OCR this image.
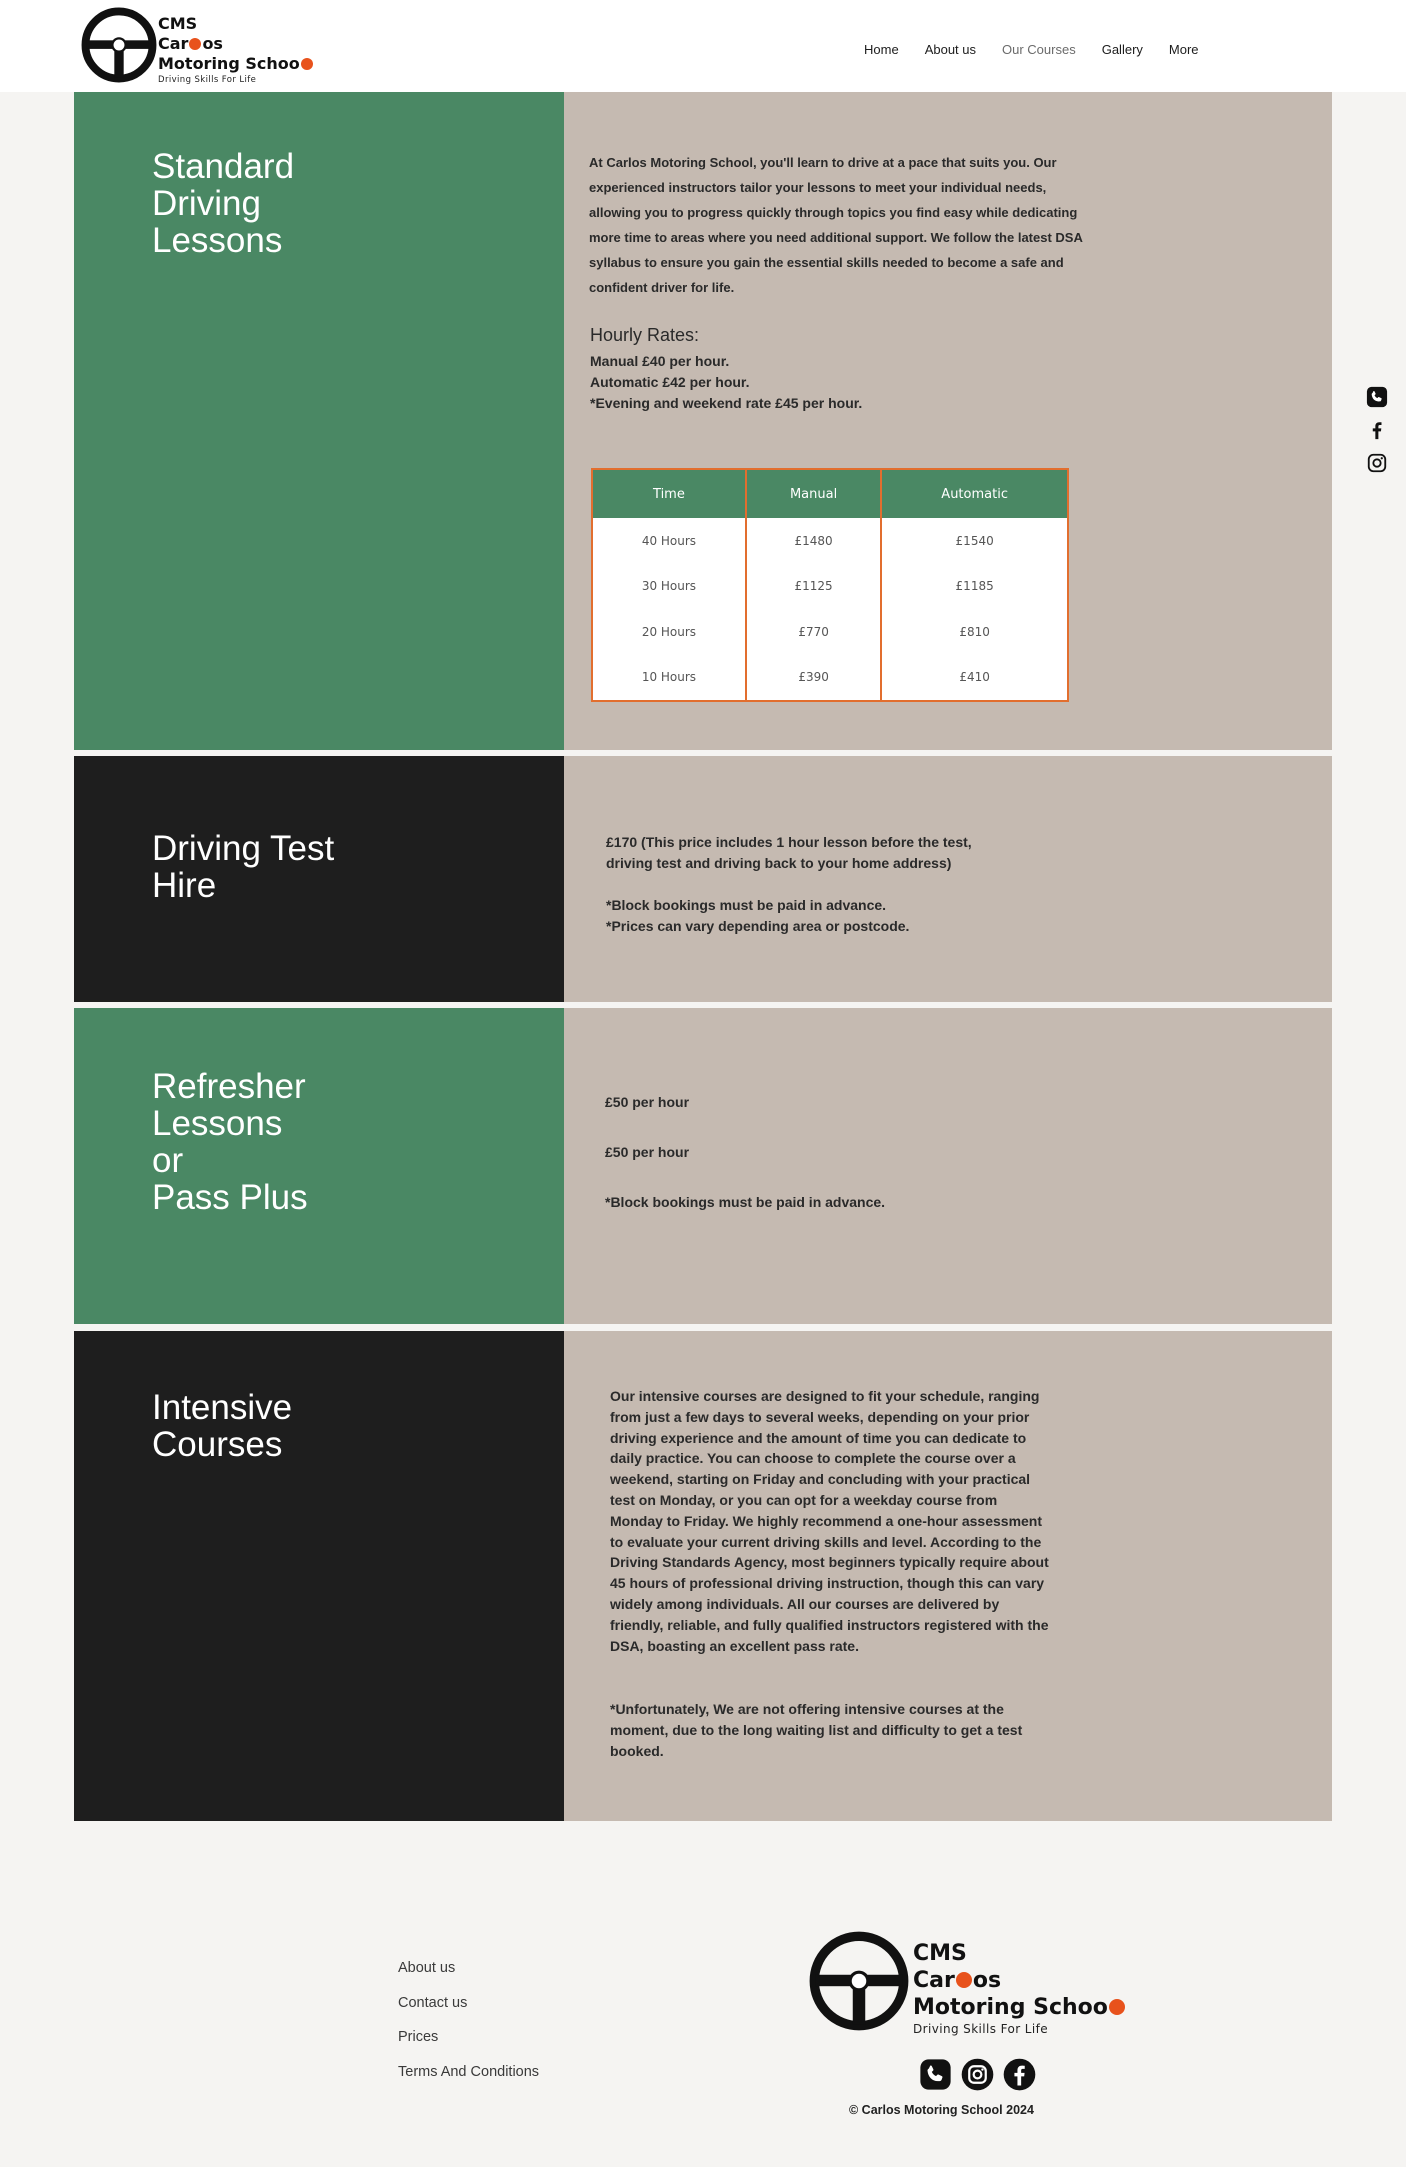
CMS
Car os
Motoring Schoo
Driving Skills For Life
Home About us Our Courses Gallery More
Standard
Driving
Lessons
At Carlos Motoring School, you'll learn to drive at a pace that suits you. Our experienced instructors tailor your lessons to meet your individual needs, allowing you to progress quickly through topics you find easy while dedicating more time to areas where you need additional support. We follow the latest DSA syllabus to ensure you gain the essential skills needed to become a safe and confident driver for life.
Hourly Rates:
Manual £40 per hour.
Automatic £42 per hour.
*Evening and weekend rate £45 per hour.
Time	Manual	Automatic
40 Hours	£1480	£1540
30 Hours	£1125	£1185
20 Hours	£770	£810
10 Hours	£390	£410
Driving Test
Hire
£170 (This price includes 1 hour lesson before the test,
driving test and driving back to your home address)

*Block bookings must be paid in advance.
*Prices can vary depending area or postcode.
Refresher
Lessons
or
Pass Plus
£50 per hour
£50 per hour
*Block bookings must be paid in advance.
Intensive
Courses
Our intensive courses are designed to fit your schedule, ranging from just a few days to several weeks, depending on your prior driving experience and the amount of time you can dedicate to daily practice. You can choose to complete the course over a weekend, starting on Friday and concluding with your practical test on Monday, or you can opt for a weekday course from Monday to Friday. We highly recommend a one-hour assessment to evaluate your current driving skills and level. According to the Driving Standards Agency, most beginners typically require about 45 hours of professional driving instruction, though this can vary widely among individuals. All our courses are delivered by friendly, reliable, and fully qualified instructors registered with the DSA, boasting an excellent pass rate.
*Unfortunately, We are not offering intensive courses at the moment, due to the long waiting list and difficulty to get a test booked.
About us
Contact us
Prices
Terms And Conditions
CMS
Car os
Motoring Schoo
Driving Skills For Life
© Carlos Motoring School 2024
